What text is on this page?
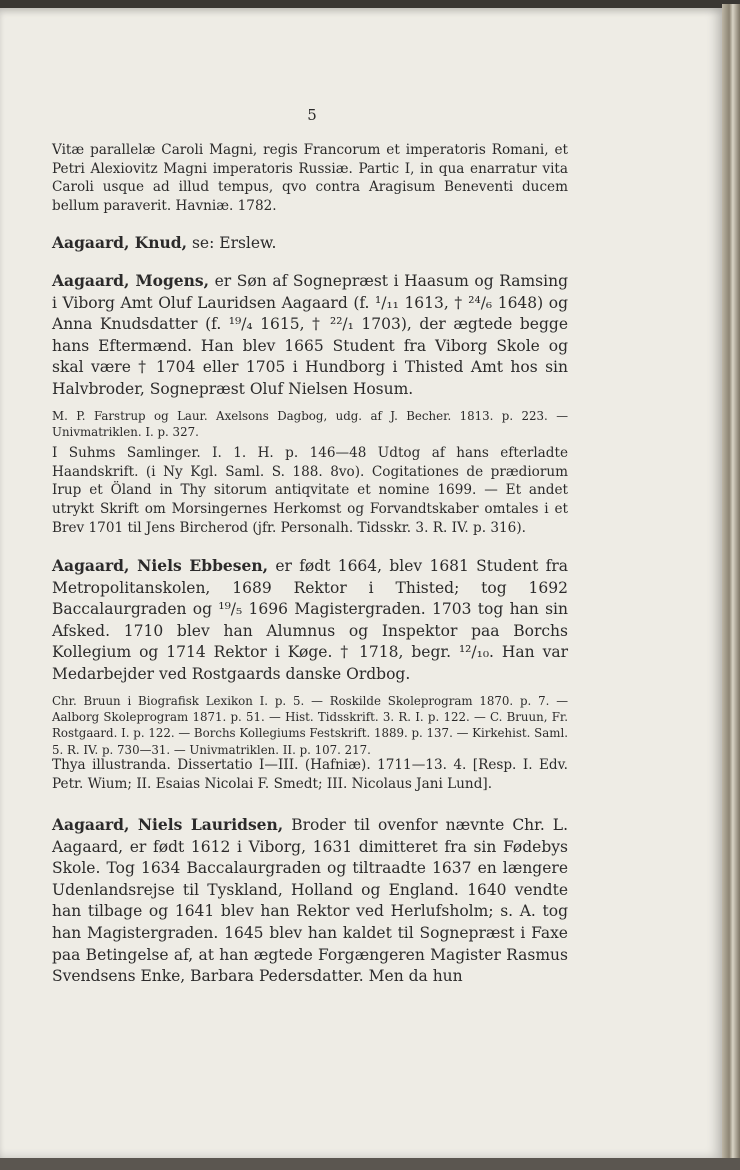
5
Vitæ parallelæ Caroli Magni, regis Francorum et imperatoris Romani, et Petri Alexiovitz Magni imperatoris Russiæ. Partic I, in qua enarratur vita Caroli usque ad illud tempus, qvo contra Aragisum Beneventi ducem bellum paraverit. Havniæ. 1782.
Aagaard, Knud, se: Erslew.
Aagaard, Mogens, er Søn af Sognepræst i Haasum og Ramsing i Viborg Amt Oluf Lauridsen Aagaard (f. ¹/₁₁ 1613, † ²⁴/₆ 1648) og Anna Knudsdatter (f. ¹⁹/₄ 1615, † ²²/₁ 1703), der ægtede begge hans Eftermænd. Han blev 1665 Student fra Viborg Skole og skal være † 1704 eller 1705 i Hundborg i Thisted Amt hos sin Halvbroder, Sognepræst Oluf Nielsen Hosum.
M. P. Farstrup og Laur. Axelsons Dagbog, udg. af J. Becher. 1813. p. 223. — Univmatriklen. I. p. 327.
I Suhms Samlinger. I. 1. H. p. 146—48 Udtog af hans efterladte Haandskrift. (i Ny Kgl. Saml. S. 188. 8vo). Cogitationes de prædiorum Irup et Öland in Thy sitorum antiqvitate et nomine 1699. — Et andet utrykt Skrift om Morsingernes Herkomst og Forvandtskaber omtales i et Brev 1701 til Jens Bircherod (jfr. Personalh. Tidsskr. 3. R. IV. p. 316).
Aagaard, Niels Ebbesen, er født 1664, blev 1681 Student fra Metropolitanskolen, 1689 Rektor i Thisted; tog 1692 Baccalaurgraden og ¹⁹/₅ 1696 Magistergraden. 1703 tog han sin Afsked. 1710 blev han Alumnus og Inspektor paa Borchs Kollegium og 1714 Rektor i Køge. † 1718, begr. ¹²/₁₀. Han var Medarbejder ved Rostgaards danske Ordbog.
Chr. Bruun i Biografisk Lexikon I. p. 5. — Roskilde Skoleprogram 1870. p. 7. — Aalborg Skoleprogram 1871. p. 51. — Hist. Tidsskrift. 3. R. I. p. 122. — C. Bruun, Fr. Rostgaard. I. p. 122. — Borchs Kollegiums Festskrift. 1889. p. 137. — Kirkehist. Saml. 5. R. IV. p. 730—31. — Univmatriklen. II. p. 107. 217.
Thya illustranda. Dissertatio I—III. (Hafniæ). 1711—13. 4. [Resp. I. Edv. Petr. Wium; II. Esaias Nicolai F. Smedt; III. Nicolaus Jani Lund].
Aagaard, Niels Lauridsen, Broder til ovenfor nævnte Chr. L. Aagaard, er født 1612 i Viborg, 1631 dimitteret fra sin Fødebys Skole. Tog 1634 Baccalaurgraden og tiltraadte 1637 en længere Udenlandsrejse til Tyskland, Holland og England. 1640 vendte han tilbage og 1641 blev han Rektor ved Herlufsholm; s. A. tog han Magistergraden. 1645 blev han kaldet til Sognepræst i Faxe paa Betingelse af, at han ægtede Forgængeren Magister Rasmus Svendsens Enke, Barbara Pedersdatter. Men da hun
